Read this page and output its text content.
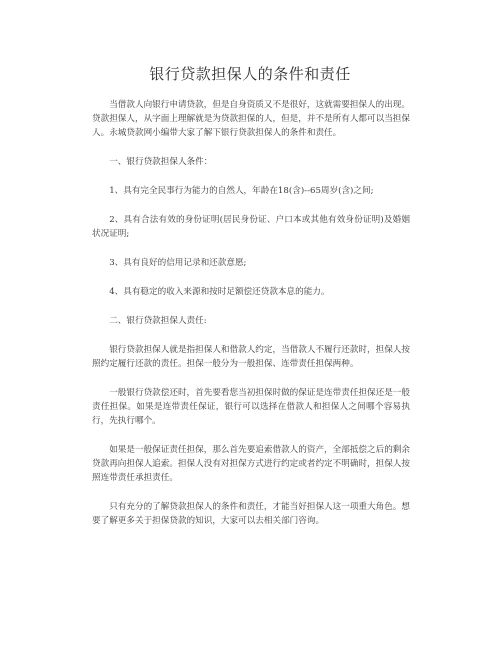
银行贷款担保人的条件和责任

当借款人向银行申请贷款，但是自身资质又不是很好，这就需要担保人的出现。贷款担保人，从字面上理解就是为贷款担保的人，但是，并不是所有人都可以当担保人。永城贷款网小编带大家了解下银行贷款担保人的条件和责任。

一、银行贷款担保人条件：

1、具有完全民事行为能力的自然人，年龄在18(含)--65周岁(含)之间;

2、具有合法有效的身份证明(居民身份证、户口本或其他有效身份证明)及婚姻状况证明;

3、具有良好的信用记录和还款意愿;

4、具有稳定的收入来源和按时足额偿还贷款本息的能力。

二、银行贷款担保人责任:

银行贷款担保人就是指担保人和借款人约定，当借款人不履行还款时，担保人按照约定履行还款的责任。担保一般分为一般担保、连带责任担保两种。

一般银行贷款偿还时，首先要看您当初担保时做的保证是连带责任担保还是一般责任担保。如果是连带责任保证，银行可以选择在借款人和担保人之间哪个容易执行，先执行哪个。

如果是一般保证责任担保，那么首先要追索借款人的资产，全部抵偿之后的剩余贷款再向担保人追索。担保人没有对担保方式进行约定或者约定不明确时，担保人按照连带责任承担责任。

只有充分的了解贷款担保人的条件和责任，才能当好担保人这一项重大角色。想要了解更多关于担保贷款的知识，大家可以去相关部门咨询。
